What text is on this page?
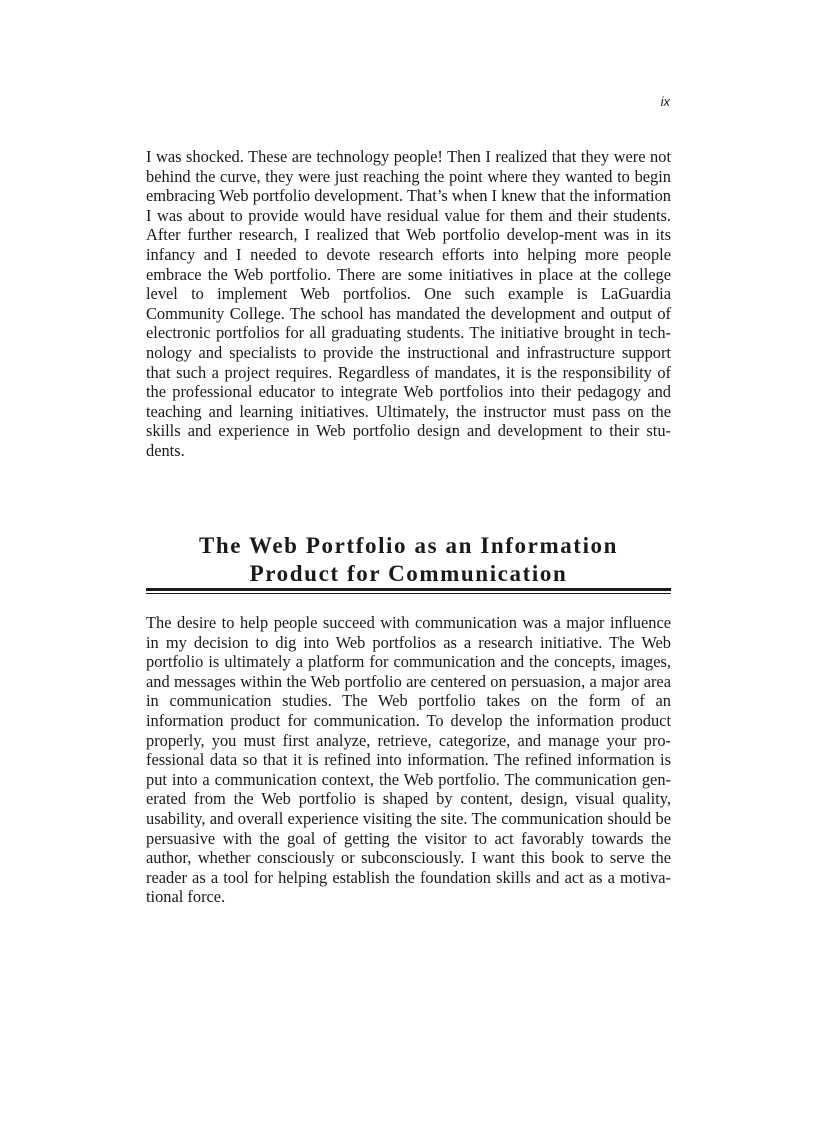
ix

I was shocked. These are technology people! Then I realized that they were not behind the curve, they were just reaching the point where they wanted to begin embracing Web portfolio development. That’s when I knew that the information I was about to provide would have residual value for them and their students. After further research, I realized that Web portfolio develop-ment was in its infancy and I needed to devote research efforts into helping more people embrace the Web portfolio. There are some initiatives in place at the college level to implement Web portfolios. One such example is LaGuardia Community College. The school has mandated the development and output of electronic portfolios for all graduating students. The initiative brought in tech-nology and specialists to provide the instructional and infrastructure support that such a project requires. Regardless of mandates, it is the responsibility of the professional educator to integrate Web portfolios into their pedagogy and teaching and learning initiatives. Ultimately, the instructor must pass on the skills and experience in Web portfolio design and development to their stu-dents.

The Web Portfolio as an Information
Product for Communication

The desire to help people succeed with communication was a major influence in my decision to dig into Web portfolios as a research initiative. The Web portfolio is ultimately a platform for communication and the concepts, images, and messages within the Web portfolio are centered on persuasion, a major area in communication studies. The Web portfolio takes on the form of an information product for communication. To develop the information product properly, you must first analyze, retrieve, categorize, and manage your pro-fessional data so that it is refined into information. The refined information is put into a communication context, the Web portfolio. The communication gen-erated from the Web portfolio is shaped by content, design, visual quality, usability, and overall experience visiting the site. The communication should be persuasive with the goal of getting the visitor to act favorably towards the author, whether consciously or subconsciously. I want this book to serve the reader as a tool for helping establish the foundation skills and act as a motiva-tional force.
